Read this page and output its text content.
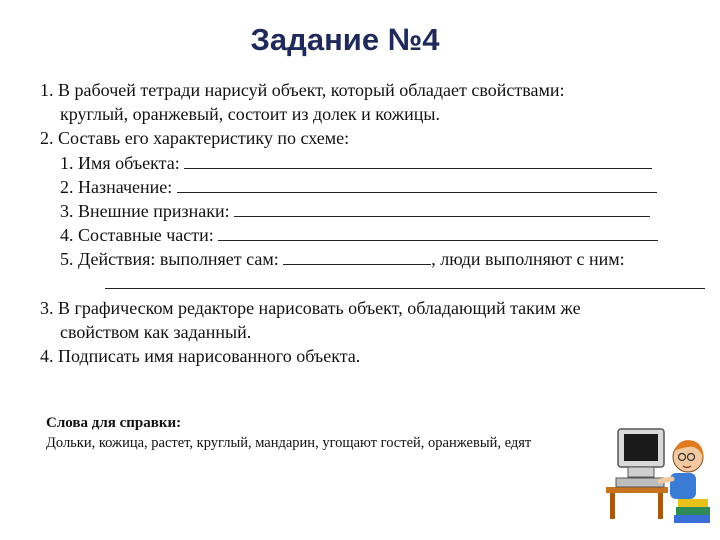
Задание №4
1. В рабочей тетради нарисуй объект, который обладает свойствами:
круглый, оранжевый, состоит из долек и кожицы.
2. Составь его характеристику по схеме:
1. Имя объекта:
2. Назначение:
3. Внешние признаки:
4. Составные части:
5. Действия: выполняет сам:	, люди выполняют с ним:
3. В графическом редакторе нарисовать объект, обладающий таким же
свойством как заданный.
4. Подписать имя нарисованного объекта.
Слова для справки:
Дольки, кожица, растет, круглый, мандарин, угощают гостей, оранжевый, едят
